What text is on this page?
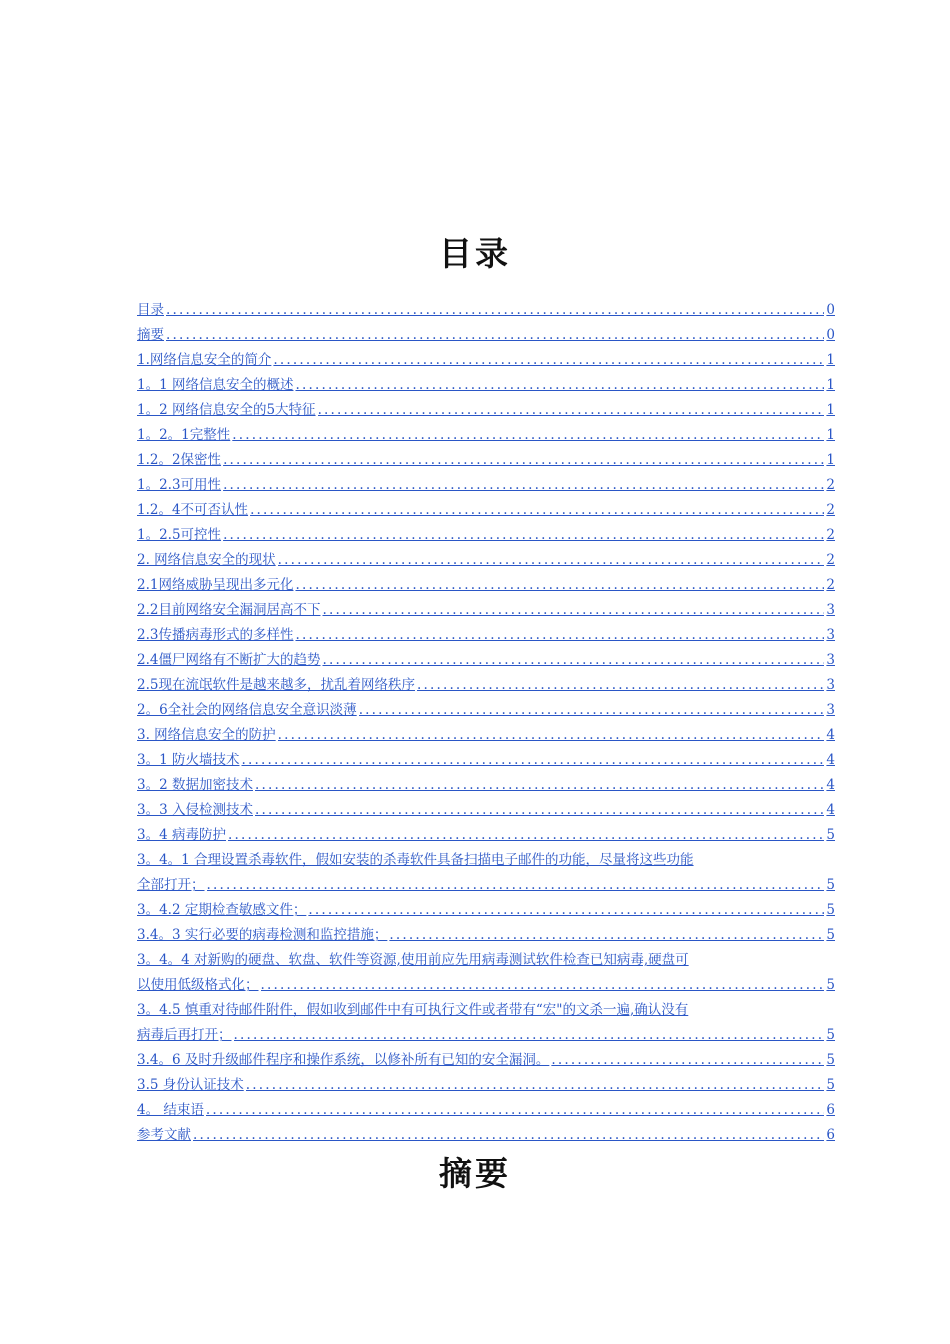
目录
目录 .....	0
摘要 .....	0
1.网络信息安全的简介 .....	1
1。1 网络信息安全的概述 .....	1
1。2 网络信息安全的5大特征 .....	1
1。2。1完整性 .....	1
1.2。2保密性 .....	1
1。2.3可用性 .....	2
1.2。4不可否认性 .....	2
1。2.5可控性 .....	2
2. 网络信息安全的现状 .....	2
2.1网络威胁呈现出多元化 .....	2
2.2目前网络安全漏洞居高不下 .....	3
2.3传播病毒形式的多样性 .....	3
2.4僵尸网络有不断扩大的趋势 .....	3
2.5现在流氓软件是越来越多，扰乱着网络秩序 .....	3
2。6全社会的网络信息安全意识淡薄 .....	3
3. 网络信息安全的防护 .....	4
3。1 防火墙技术 .....	4
3。2 数据加密技术 .....	4
3。3 入侵检测技术 .....	4
3。4 病毒防护 .....	5
3。4。1 合理设置杀毒软件，假如安装的杀毒软件具备扫描电子邮件的功能，尽量将这些功能
全部打开； .....	5
3。4.2 定期检查敏感文件； .....	5
3.4。3 实行必要的病毒检测和监控措施； .....	5
3。4。4 对新购的硬盘、软盘、软件等资源,使用前应先用病毒测试软件检查已知病毒,硬盘可
以使用低级格式化； .....	5
3。4.5 慎重对待邮件附件，假如收到邮件中有可执行文件或者带有“宏"的文杀一遍,确认没有
病毒后再打开； .....	5
3.4。6 及时升级邮件程序和操作系统，以修补所有已知的安全漏洞。 .....	5
3.5 身份认证技术 .....	5
4。 结束语 .....	6
参考文献 .....	6
摘要
